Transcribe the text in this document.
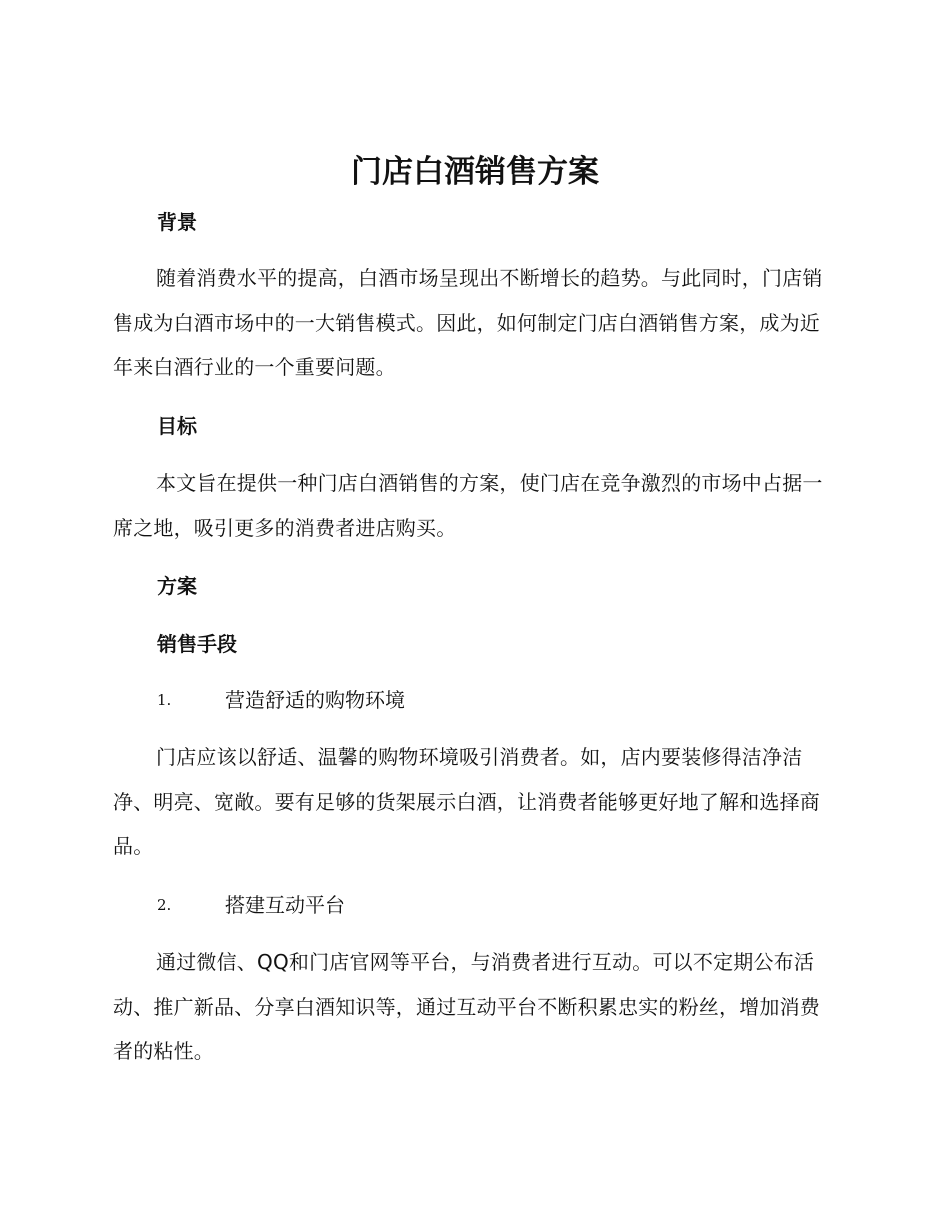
门店白酒销售方案
背景

随着消费水平的提高，白酒市场呈现出不断增长的趋势。与此同时，门店销售成为白酒市场中的一大销售模式。因此，如何制定门店白酒销售方案，成为近年来白酒行业的一个重要问题。

目标

本文旨在提供一种门店白酒销售的方案，使门店在竞争激烈的市场中占据一席之地，吸引更多的消费者进店购买。

方案
销售手段
1.	营造舒适的购物环境

门店应该以舒适、温馨的购物环境吸引消费者。如，店内要装修得洁净洁净、明亮、宽敞。要有足够的货架展示白酒，让消费者能够更好地了解和选择商品。

2.	搭建互动平台

通过微信、QQ和门店官网等平台，与消费者进行互动。可以不定期公布活动、推广新品、分享白酒知识等，通过互动平台不断积累忠实的粉丝，增加消费者的粘性。
